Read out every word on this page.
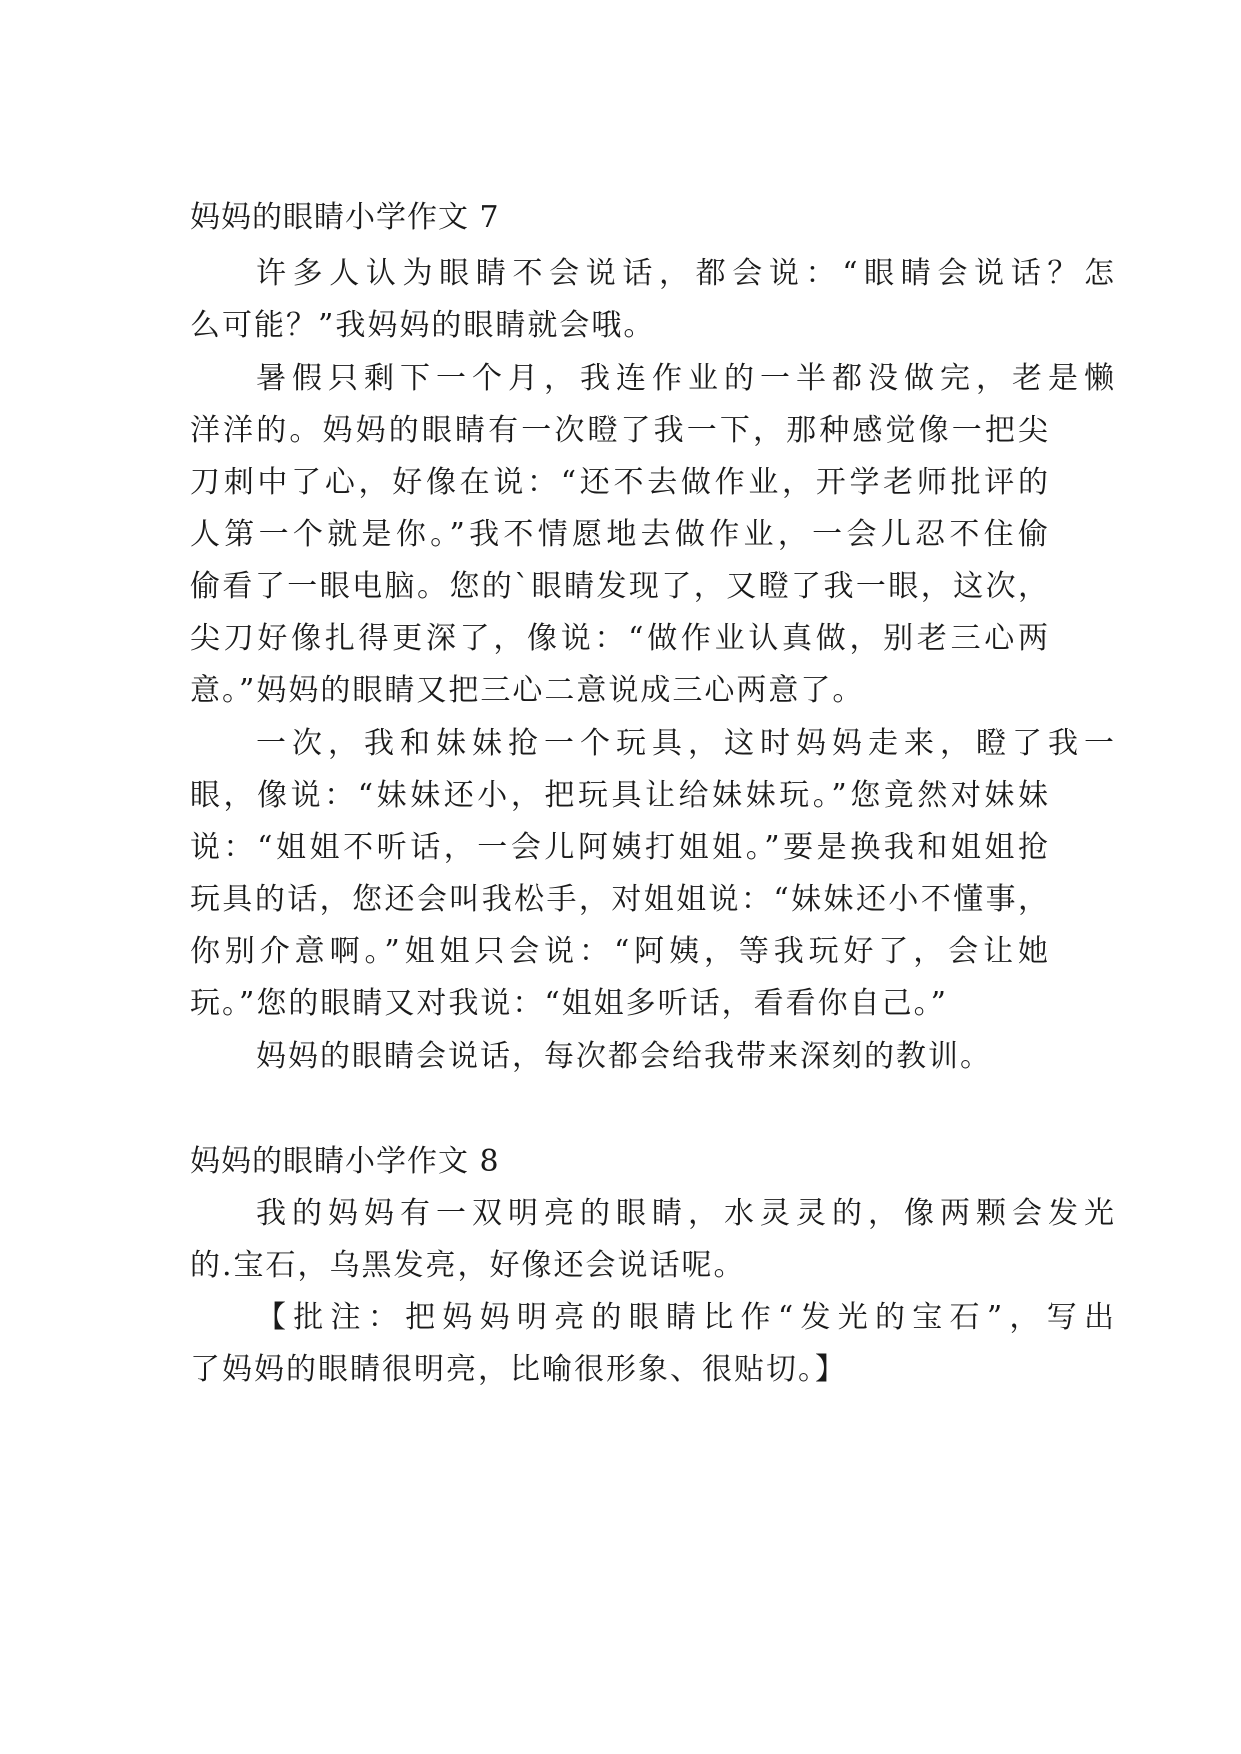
妈妈的眼睛小学作文 7
许多人认为眼睛不会说话，都会说：“眼睛会说话？怎
么可能？”我妈妈的眼睛就会哦。
暑假只剩下一个月，我连作业的一半都没做完，老是懒
洋洋的。妈妈的眼睛有一次瞪了我一下，那种感觉像一把尖
刀刺中了心，好像在说：“还不去做作业，开学老师批评的
人第一个就是你。”我不情愿地去做作业，一会儿忍不住偷
偷看了一眼电脑。您的`眼睛发现了，又瞪了我一眼，这次，
尖刀好像扎得更深了，像说：“做作业认真做，别老三心两
意。”妈妈的眼睛又把三心二意说成三心两意了。
一次，我和妹妹抢一个玩具，这时妈妈走来，瞪了我一
眼，像说：“妹妹还小，把玩具让给妹妹玩。”您竟然对妹妹
说：“姐姐不听话，一会儿阿姨打姐姐。”要是换我和姐姐抢
玩具的话，您还会叫我松手，对姐姐说：“妹妹还小不懂事，
你别介意啊。”姐姐只会说：“阿姨，等我玩好了，会让她
玩。”您的眼睛又对我说：“姐姐多听话，看看你自己。”
妈妈的眼睛会说话，每次都会给我带来深刻的教训。
妈妈的眼睛小学作文 8
我的妈妈有一双明亮的眼睛，水灵灵的，像两颗会发光
的.宝石，乌黑发亮，好像还会说话呢。
【批注：把妈妈明亮的眼睛比作“发光的宝石”，写出
了妈妈的眼睛很明亮，比喻很形象、很贴切。】
